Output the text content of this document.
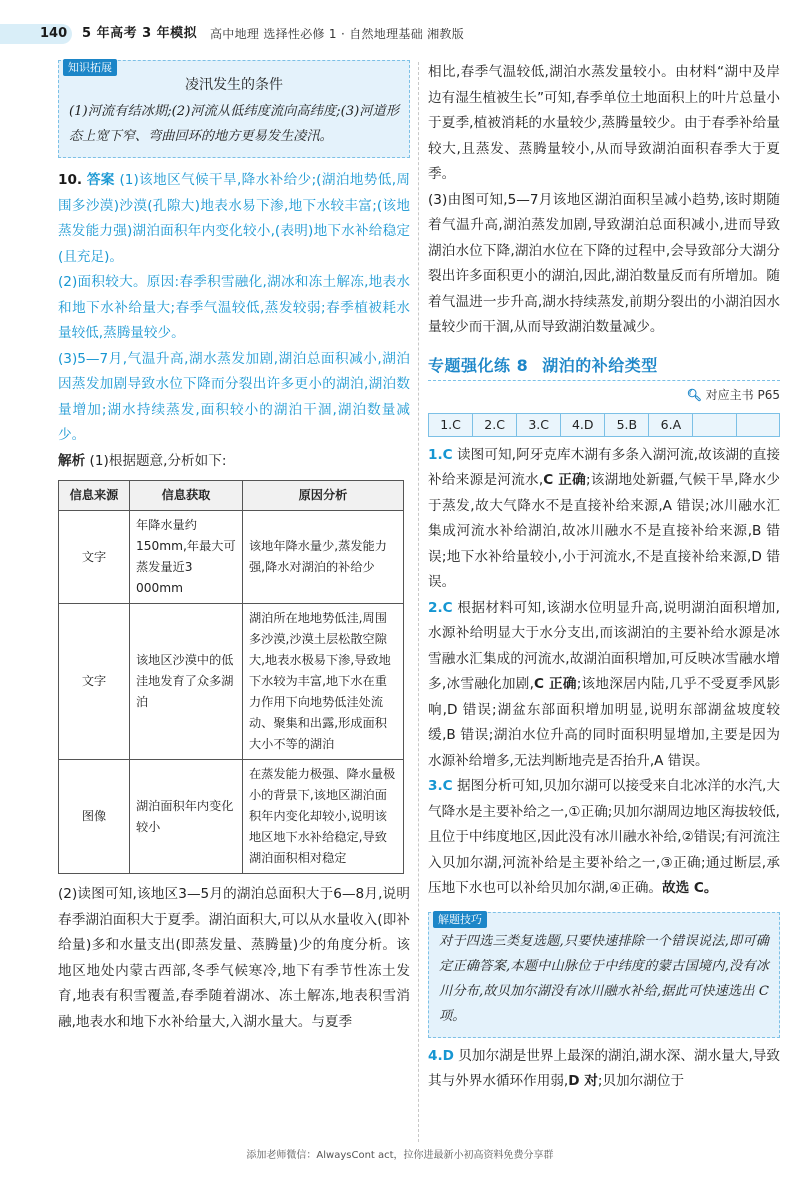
140 5 年高考 3 年模拟 高中地理 选择性必修 1 · 自然地理基础 湘教版
知识拓展
凌汛发生的条件

(1)河流有结冰期;(2)河流从低纬度流向高纬度;(3)河道形态上宽下窄、弯曲回环的地方更易发生凌汛。

10. 答案 (1)该地区气候干旱,降水补给少;(湖泊地势低,周围多沙漠)沙漠(孔隙大)地表水易下渗,地下水较丰富;(该地蒸发能力强)湖泊面积年内变化较小,(表明)地下水补给稳定(且充足)。

(2)面积较大。原因:春季积雪融化,湖冰和冻土解冻,地表水和地下水补给量大;春季气温较低,蒸发较弱;春季植被耗水量较低,蒸腾量较少。

(3)5—7月,气温升高,湖水蒸发加剧,湖泊总面积减小,湖泊因蒸发加剧导致水位下降而分裂出许多更小的湖泊,湖泊数量增加;湖水持续蒸发,面积较小的湖泊干涸,湖泊数量减少。

解析 (1)根据题意,分析如下:

信息来源	信息获取	原因分析
文字	年降水量约150mm,年最大可蒸发量近3 000mm	该地年降水量少,蒸发能力强,降水对湖泊的补给少
文字	该地区沙漠中的低洼地发育了众多湖泊	湖泊所在地地势低洼,周围多沙漠,沙漠土层松散空隙大,地表水极易下渗,导致地下水较为丰富,地下水在重力作用下向地势低洼处流动、聚集和出露,形成面积大小不等的湖泊
图像	湖泊面积年内变化较小	在蒸发能力极强、降水量极小的背景下,该地区湖泊面积年内变化却较小,说明该地区地下水补给稳定,导致湖泊面积相对稳定

(2)读图可知,该地区3—5月的湖泊总面积大于6—8月,说明春季湖泊面积大于夏季。湖泊面积大,可以从水量收入(即补给量)多和水量支出(即蒸发量、蒸腾量)少的角度分析。该地区地处内蒙古西部,冬季气候寒冷,地下有季节性冻土发育,地表有积雪覆盖,春季随着湖冰、冻土解冻,地表积雪消融,地表水和地下水补给量大,入湖水量大。与夏季

相比,春季气温较低,湖泊水蒸发量较小。由材料“湖中及岸边有湿生植被生长”可知,春季单位土地面积上的叶片总量小于夏季,植被消耗的水量较少,蒸腾量较少。由于春季补给量较大,且蒸发、蒸腾量较小,从而导致湖泊面积春季大于夏季。

(3)由图可知,5—7月该地区湖泊面积呈减小趋势,该时期随着气温升高,湖泊蒸发加剧,导致湖泊总面积减小,进而导致湖泊水位下降,湖泊水位在下降的过程中,会导致部分大湖分裂出许多面积更小的湖泊,因此,湖泊数量反而有所增加。随着气温进一步升高,湖水持续蒸发,前期分裂出的小湖泊因水量较少而干涸,从而导致湖泊数量减少。

专题强化练 8 湖泊的补给类型
🔍︎ 对应主书 P65
1.C	2.C	3.C	4.D	5.B	6.A		

1.C 读图可知,阿牙克库木湖有多条入湖河流,故该湖的直接补给来源是河流水,C 正确;该湖地处新疆,气候干旱,降水少于蒸发,故大气降水不是直接补给来源,A 错误;冰川融水汇集成河流水补给湖泊,故冰川融水不是直接补给来源,B 错误;地下水补给量较小,小于河流水,不是直接补给来源,D 错误。

2.C 根据材料可知,该湖水位明显升高,说明湖泊面积增加,水源补给明显大于水分支出,而该湖泊的主要补给水源是冰雪融水汇集成的河流水,故湖泊面积增加,可反映冰雪融水增多,冰雪融化加剧,C 正确;该地深居内陆,几乎不受夏季风影响,D 错误;湖盆东部面积增加明显,说明东部湖盆坡度较缓,B 错误;湖泊水位升高的同时面积明显增加,主要是因为水源补给增多,无法判断地壳是否抬升,A 错误。

3.C 据图分析可知,贝加尔湖可以接受来自北冰洋的水汽,大气降水是主要补给之一,①正确;贝加尔湖周边地区海拔较低,且位于中纬度地区,因此没有冰川融水补给,②错误;有河流注入贝加尔湖,河流补给是主要补给之一,③正确;通过断层,承压地下水也可以补给贝加尔湖,④正确。故选 C。

解题技巧

对于四选三类复选题,只要快速排除一个错误说法,即可确定正确答案,本题中山脉位于中纬度的蒙古国境内,没有冰川分布,故贝加尔湖没有冰川融水补给,据此可快速选出 C 项。

4.D 贝加尔湖是世界上最深的湖泊,湖水深、湖水量大,导致其与外界水循环作用弱,D 对;贝加尔湖位于

添加老师微信：AlwaysCont act，拉你进最新小初高资料免费分享群
